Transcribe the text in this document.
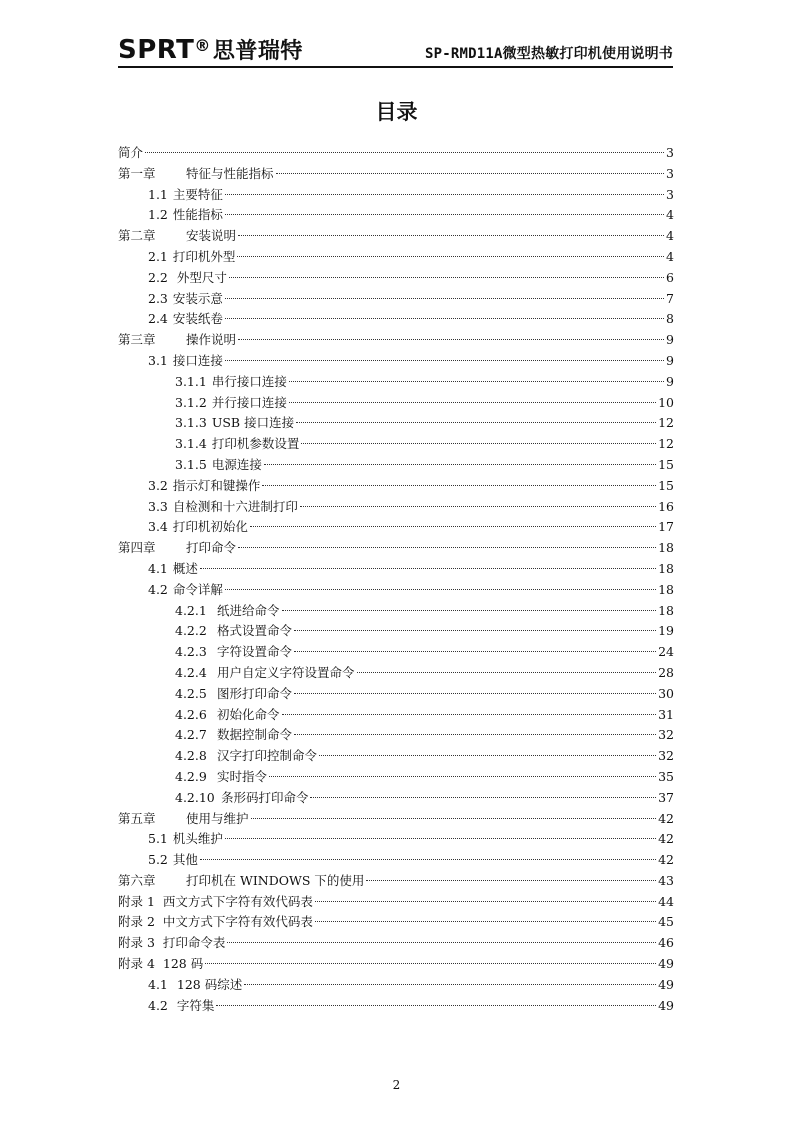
SPRT®思普瑞特	SP-RMD11A微型热敏打印机使用说明书
目录
简介	3
第一章 特征与性能指标	3
1.1 主要特征	3
1.2 性能指标	4
第二章 安装说明	4
2.1 打印机外型	4
2.2 外型尺寸	6
2.3 安装示意	7
2.4 安装纸卷	8
第三章 操作说明	9
3.1 接口连接	9
3.1.1 串行接口连接	9
3.1.2 并行接口连接	10
3.1.3 USB 接口连接	12
3.1.4 打印机参数设置	12
3.1.5 电源连接	15
3.2 指示灯和键操作	15
3.3 自检测和十六进制打印	16
3.4 打印机初始化	17
第四章 打印命令	18
4.1 概述	18
4.2 命令详解	18
4.2.1 纸进给命令	18
4.2.2 格式设置命令	19
4.2.3 字符设置命令	24
4.2.4 用户自定义字符设置命令	28
4.2.5 图形打印命令	30
4.2.6 初始化命令	31
4.2.7 数据控制命令	32
4.2.8 汉字打印控制命令	32
4.2.9 实时指令	35
4.2.10 条形码打印命令	37
第五章 使用与维护	42
5.1 机头维护	42
5.2 其他	42
第六章 打印机在 WINDOWS 下的使用	43
附录 1  西文方式下字符有效代码表	44
附录 2  中文方式下字符有效代码表	45
附录 3  打印命令表	46
附录 4  128 码	49
4.1 128 码综述	49
4.2 字符集	49
2
